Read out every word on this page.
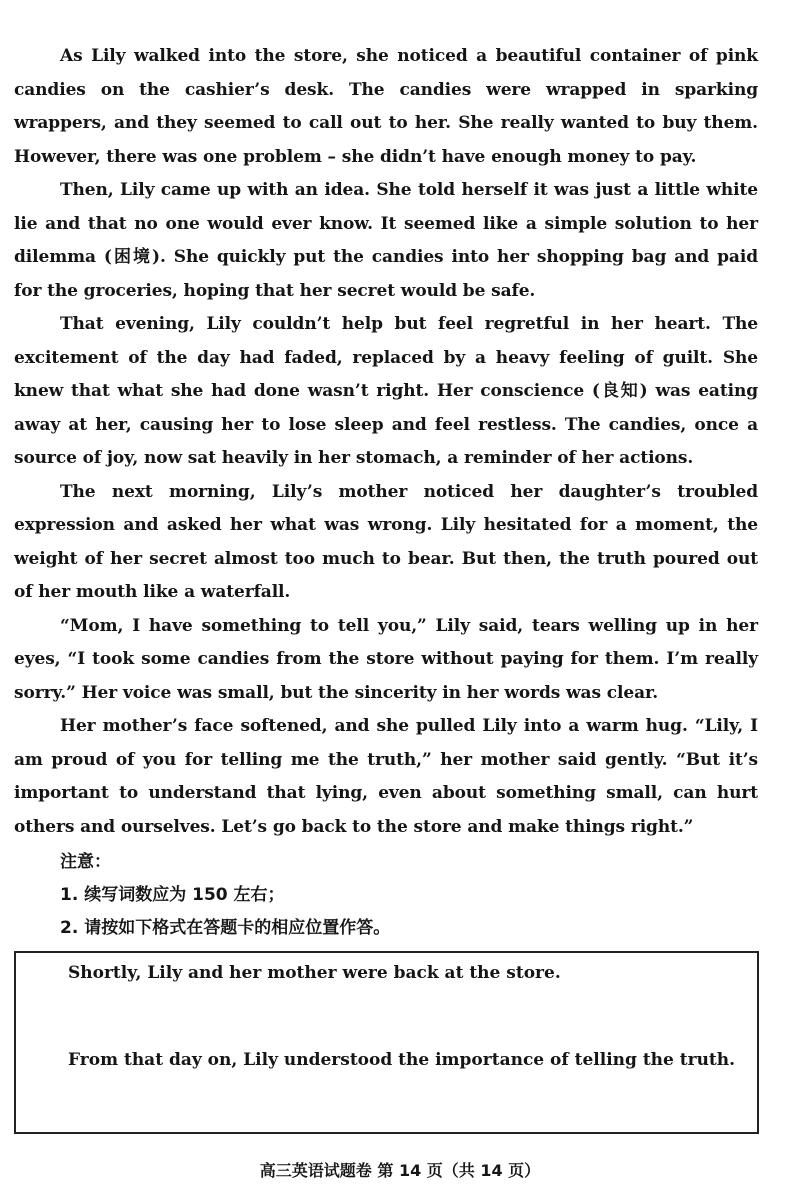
As Lily walked into the store, she noticed a beautiful container of pink candies on the cashier’s desk. The candies were wrapped in sparking wrappers, and they seemed to call out to her. She really wanted to buy them. However, there was one problem – she didn’t have enough money to pay.

Then, Lily came up with an idea. She told herself it was just a little white lie and that no one would ever know. It seemed like a simple solution to her dilemma (困境). She quickly put the candies into her shopping bag and paid for the groceries, hoping that her secret would be safe.

That evening, Lily couldn’t help but feel regretful in her heart. The excitement of the day had faded, replaced by a heavy feeling of guilt. She knew that what she had done wasn’t right. Her conscience (良知) was eating away at her, causing her to lose sleep and feel restless. The candies, once a source of joy, now sat heavily in her stomach, a reminder of her actions.

The next morning, Lily’s mother noticed her daughter’s troubled expression and asked her what was wrong. Lily hesitated for a moment, the weight of her secret almost too much to bear. But then, the truth poured out of her mouth like a waterfall.

“Mom, I have something to tell you,” Lily said, tears welling up in her eyes, “I took some candies from the store without paying for them. I’m really sorry.” Her voice was small, but the sincerity in her words was clear.

Her mother’s face softened, and she pulled Lily into a warm hug. “Lily, I am proud of you for telling me the truth,” her mother said gently. “But it’s important to understand that lying, even about something small, can hurt others and ourselves. Let’s go back to the store and make things right.”

注意：
1. 续写词数应为 150 左右；
2. 请按如下格式在答题卡的相应位置作答。
Shortly, Lily and her mother were back at the store.
From that day on, Lily understood the importance of telling the truth.
高三英语试题卷 第 14 页（共 14 页）
